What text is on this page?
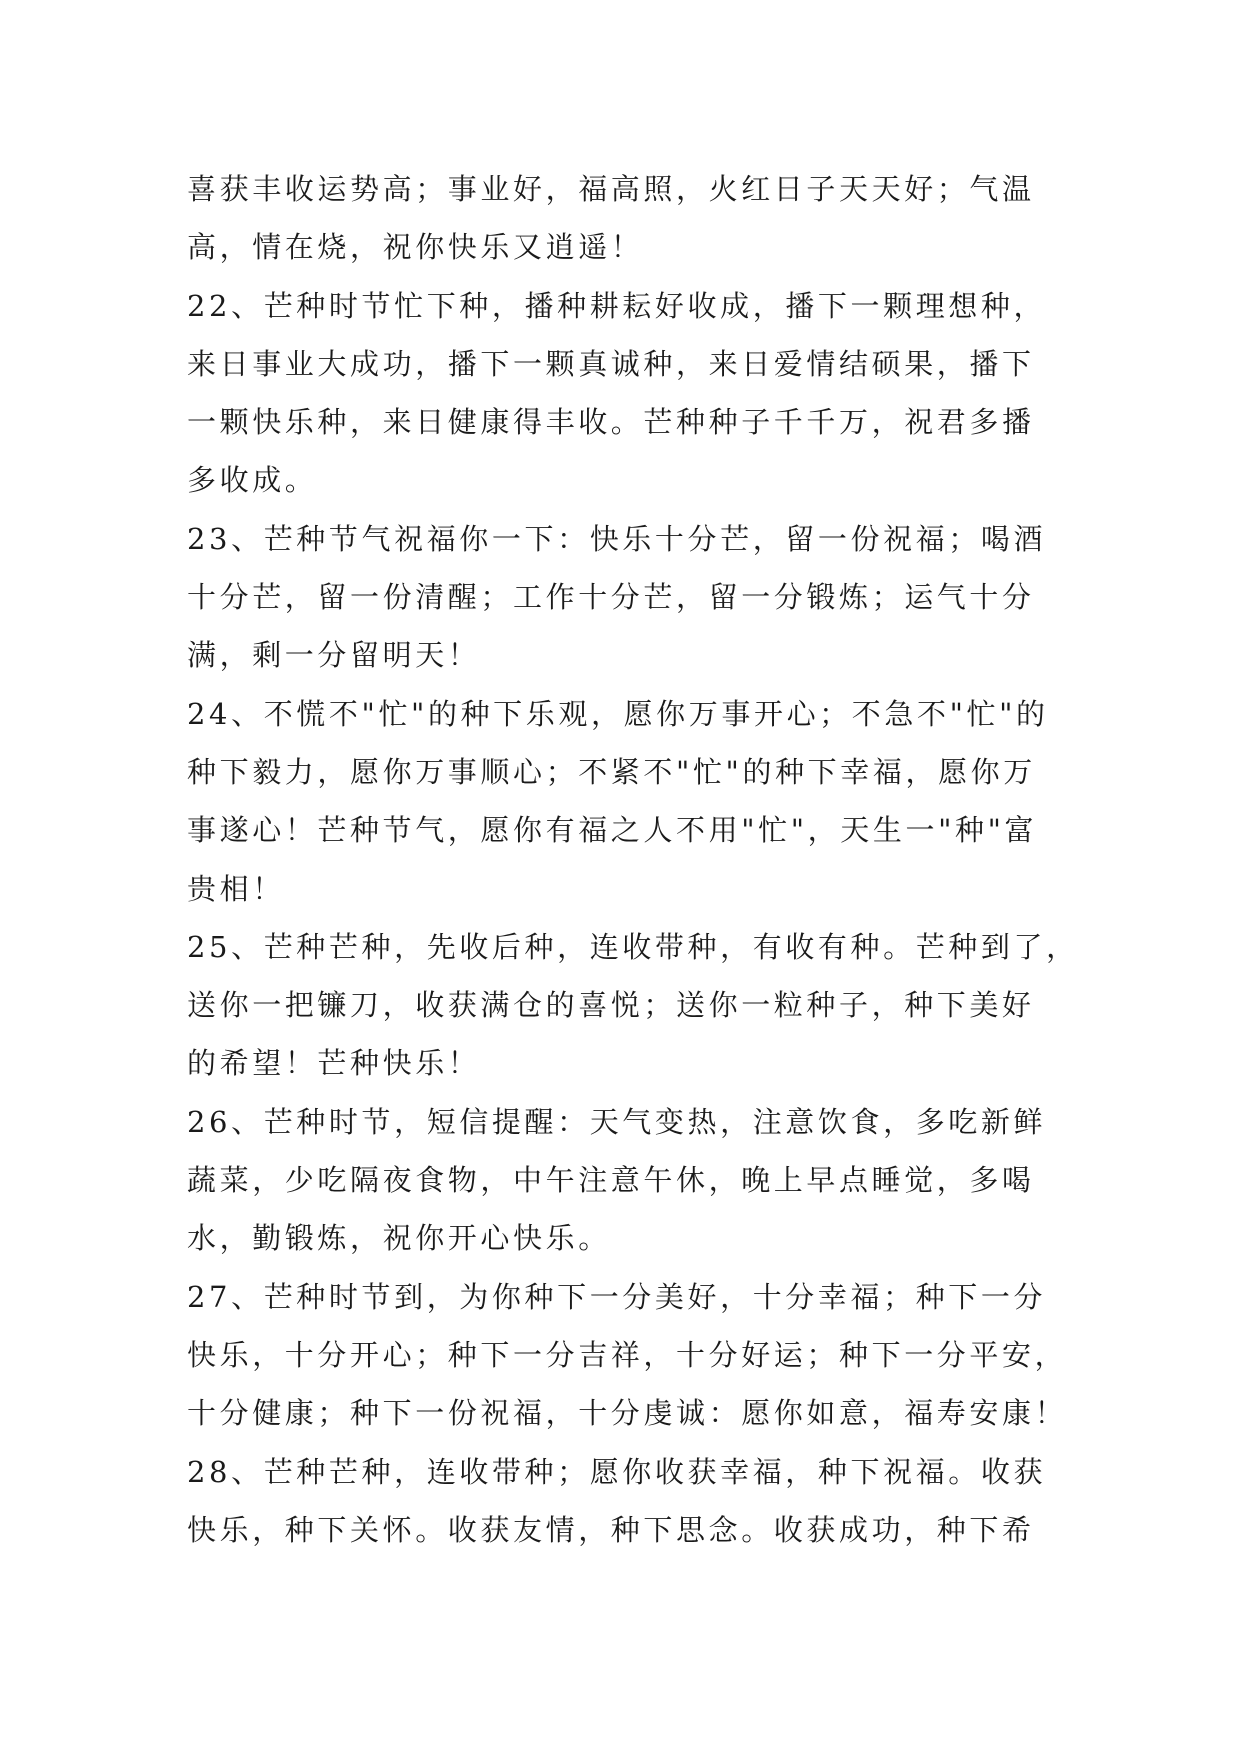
喜获丰收运势高；事业好，福高照，火红日子天天好；气温
高，情在烧，祝你快乐又逍遥！
22、芒种时节忙下种，播种耕耘好收成，播下一颗理想种，
来日事业大成功，播下一颗真诚种，来日爱情结硕果，播下
一颗快乐种，来日健康得丰收。芒种种子千千万，祝君多播
多收成。
23、芒种节气祝福你一下：快乐十分芒，留一份祝福；喝酒
十分芒，留一份清醒；工作十分芒，留一分锻炼；运气十分
满，剩一分留明天！
24、不慌不"忙"的种下乐观，愿你万事开心；不急不"忙"的
种下毅力，愿你万事顺心；不紧不"忙"的种下幸福，愿你万
事遂心！芒种节气，愿你有福之人不用"忙"，天生一"种"富
贵相！
25、芒种芒种，先收后种，连收带种，有收有种。芒种到了，
送你一把镰刀，收获满仓的喜悦；送你一粒种子，种下美好
的希望！芒种快乐！
26、芒种时节，短信提醒：天气变热，注意饮食，多吃新鲜
蔬菜，少吃隔夜食物，中午注意午休，晚上早点睡觉，多喝
水，勤锻炼，祝你开心快乐。
27、芒种时节到，为你种下一分美好，十分幸福；种下一分
快乐，十分开心；种下一分吉祥，十分好运；种下一分平安，
十分健康；种下一份祝福，十分虔诚：愿你如意，福寿安康！
28、芒种芒种，连收带种；愿你收获幸福，种下祝福。收获
快乐，种下关怀。收获友情，种下思念。收获成功，种下希
